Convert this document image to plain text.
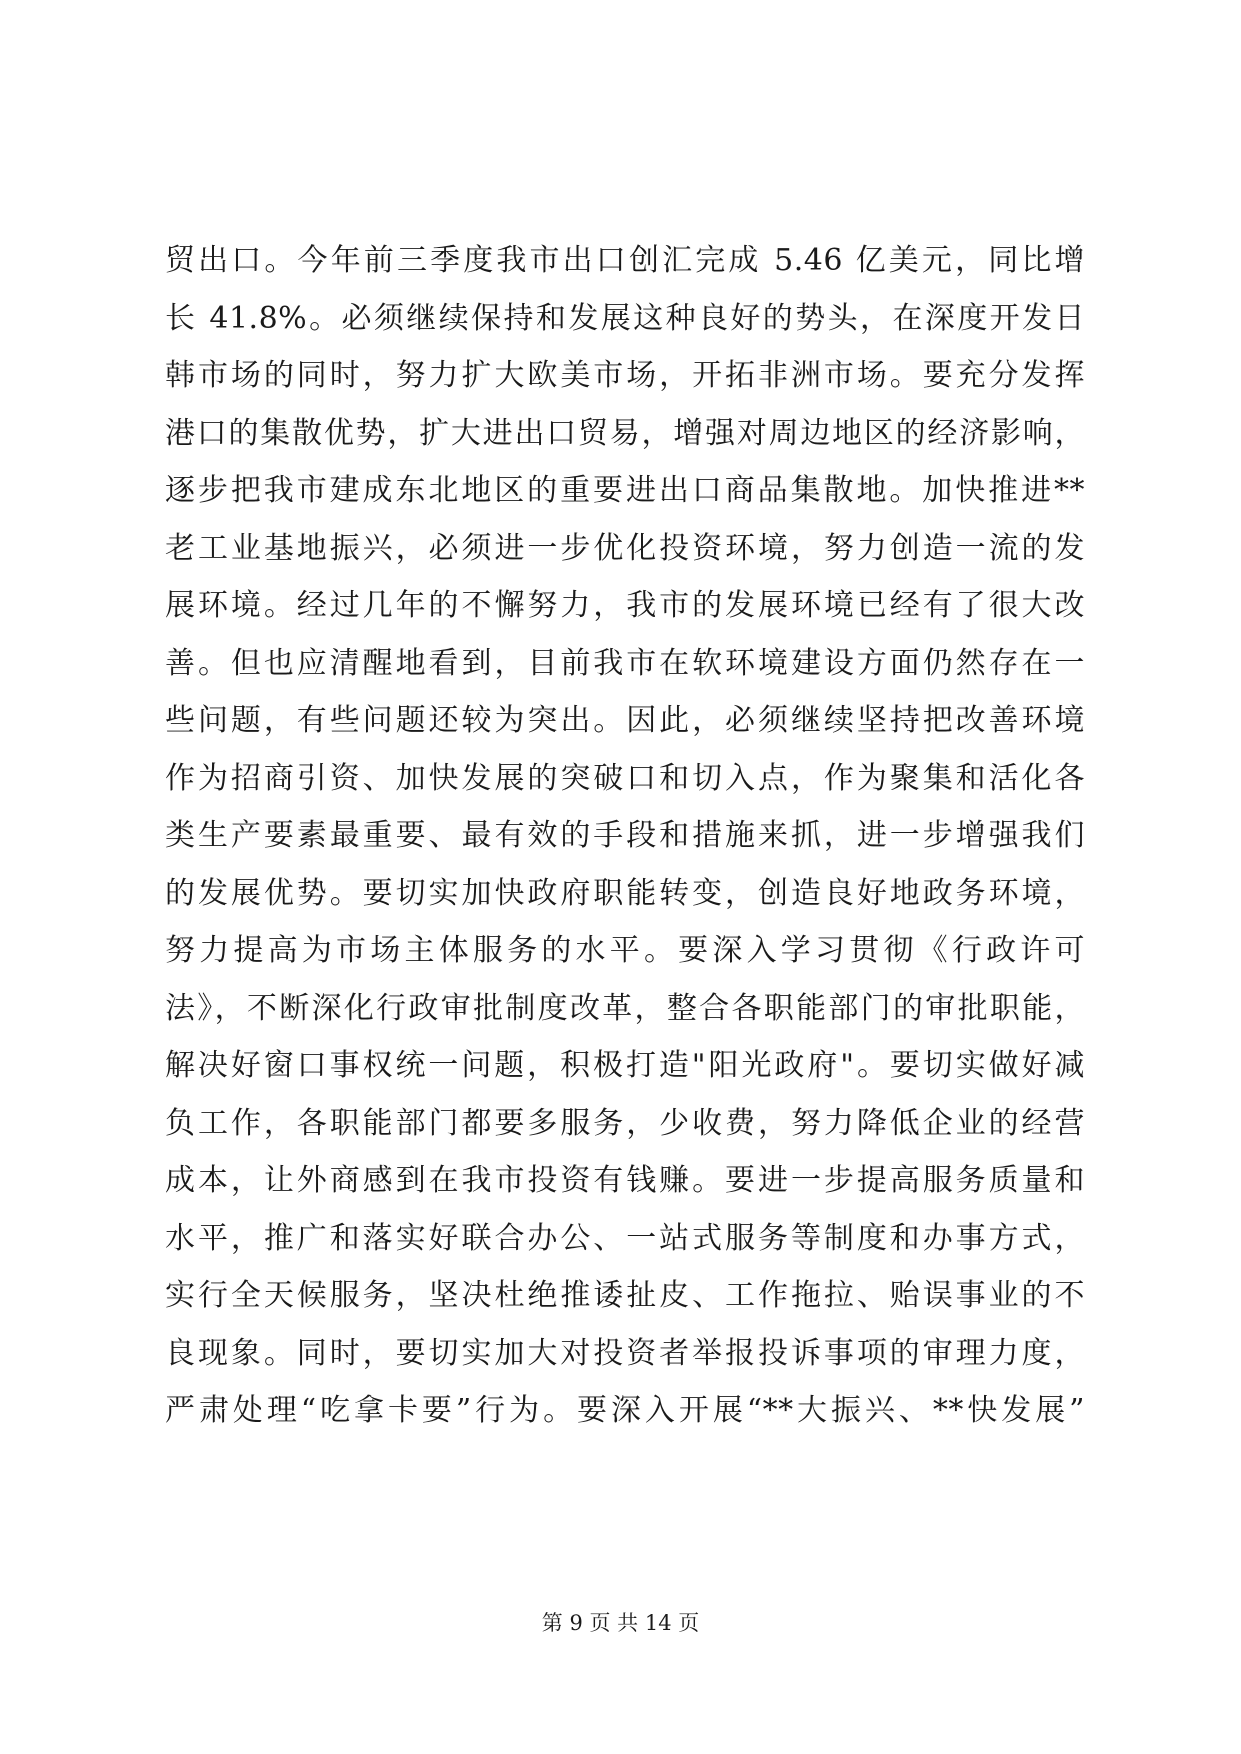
贸出口。今年前三季度我市出口创汇完成 5.46 亿美元，同比增
长 41.8%。必须继续保持和发展这种良好的势头，在深度开发日
韩市场的同时，努力扩大欧美市场，开拓非洲市场。要充分发挥
港口的集散优势，扩大进出口贸易，增强对周边地区的经济影响，
逐步把我市建成东北地区的重要进出口商品集散地。加快推进**
老工业基地振兴，必须进一步优化投资环境，努力创造一流的发
展环境。经过几年的不懈努力，我市的发展环境已经有了很大改
善。但也应清醒地看到，目前我市在软环境建设方面仍然存在一
些问题，有些问题还较为突出。因此，必须继续坚持把改善环境
作为招商引资、加快发展的突破口和切入点，作为聚集和活化各
类生产要素最重要、最有效的手段和措施来抓，进一步增强我们
的发展优势。要切实加快政府职能转变，创造良好地政务环境，
努力提高为市场主体服务的水平。要深入学习贯彻《行政许可
法》，不断深化行政审批制度改革，整合各职能部门的审批职能，
解决好窗口事权统一问题，积极打造"阳光政府"。要切实做好减
负工作，各职能部门都要多服务，少收费，努力降低企业的经营
成本，让外商感到在我市投资有钱赚。要进一步提高服务质量和
水平，推广和落实好联合办公、一站式服务等制度和办事方式，
实行全天候服务，坚决杜绝推诿扯皮、工作拖拉、贻误事业的不
良现象。同时，要切实加大对投资者举报投诉事项的审理力度，
严肃处理“吃拿卡要”行为。要深入开展“**大振兴、**快发展”
第 9 页 共 14 页
